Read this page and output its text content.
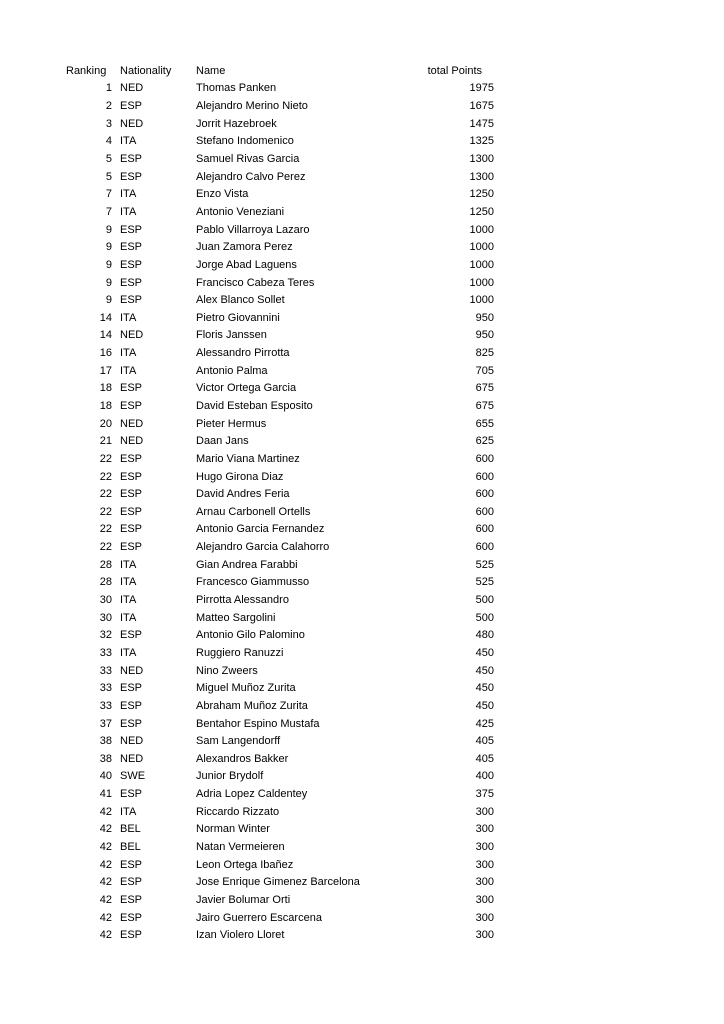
Ranking	Nationality	Name	total Points
1	NED	Thomas Panken	1975
2	ESP	Alejandro Merino Nieto	1675
3	NED	Jorrit Hazebroek	1475
4	ITA	Stefano Indomenico	1325
5	ESP	Samuel Rivas Garcia	1300
5	ESP	Alejandro Calvo Perez	1300
7	ITA	Enzo Vista	1250
7	ITA	Antonio Veneziani	1250
9	ESP	Pablo Villarroya Lazaro	1000
9	ESP	Juan Zamora Perez	1000
9	ESP	Jorge Abad Laguens	1000
9	ESP	Francisco Cabeza Teres	1000
9	ESP	Alex Blanco Sollet	1000
14	ITA	Pietro Giovannini	950
14	NED	Floris Janssen	950
16	ITA	Alessandro Pirrotta	825
17	ITA	Antonio Palma	705
18	ESP	Victor Ortega Garcia	675
18	ESP	David Esteban Esposito	675
20	NED	Pieter Hermus	655
21	NED	Daan Jans	625
22	ESP	Mario Viana Martinez	600
22	ESP	Hugo Girona Diaz	600
22	ESP	David Andres Feria	600
22	ESP	Arnau Carbonell Ortells	600
22	ESP	Antonio Garcia Fernandez	600
22	ESP	Alejandro Garcia Calahorro	600
28	ITA	Gian Andrea Farabbi	525
28	ITA	Francesco Giammusso	525
30	ITA	Pirrotta Alessandro	500
30	ITA	Matteo Sargolini	500
32	ESP	Antonio Gilo Palomino	480
33	ITA	Ruggiero Ranuzzi	450
33	NED	Nino Zweers	450
33	ESP	Miguel Muñoz Zurita	450
33	ESP	Abraham Muñoz Zurita	450
37	ESP	Bentahor Espino Mustafa	425
38	NED	Sam Langendorff	405
38	NED	Alexandros Bakker	405
40	SWE	Junior Brydolf	400
41	ESP	Adria Lopez Caldentey	375
42	ITA	Riccardo Rizzato	300
42	BEL	Norman Winter	300
42	BEL	Natan Vermeieren	300
42	ESP	Leon Ortega Ibañez	300
42	ESP	Jose Enrique Gimenez Barcelona	300
42	ESP	Javier Bolumar Orti	300
42	ESP	Jairo Guerrero Escarcena	300
42	ESP	Izan Violero Lloret	300
